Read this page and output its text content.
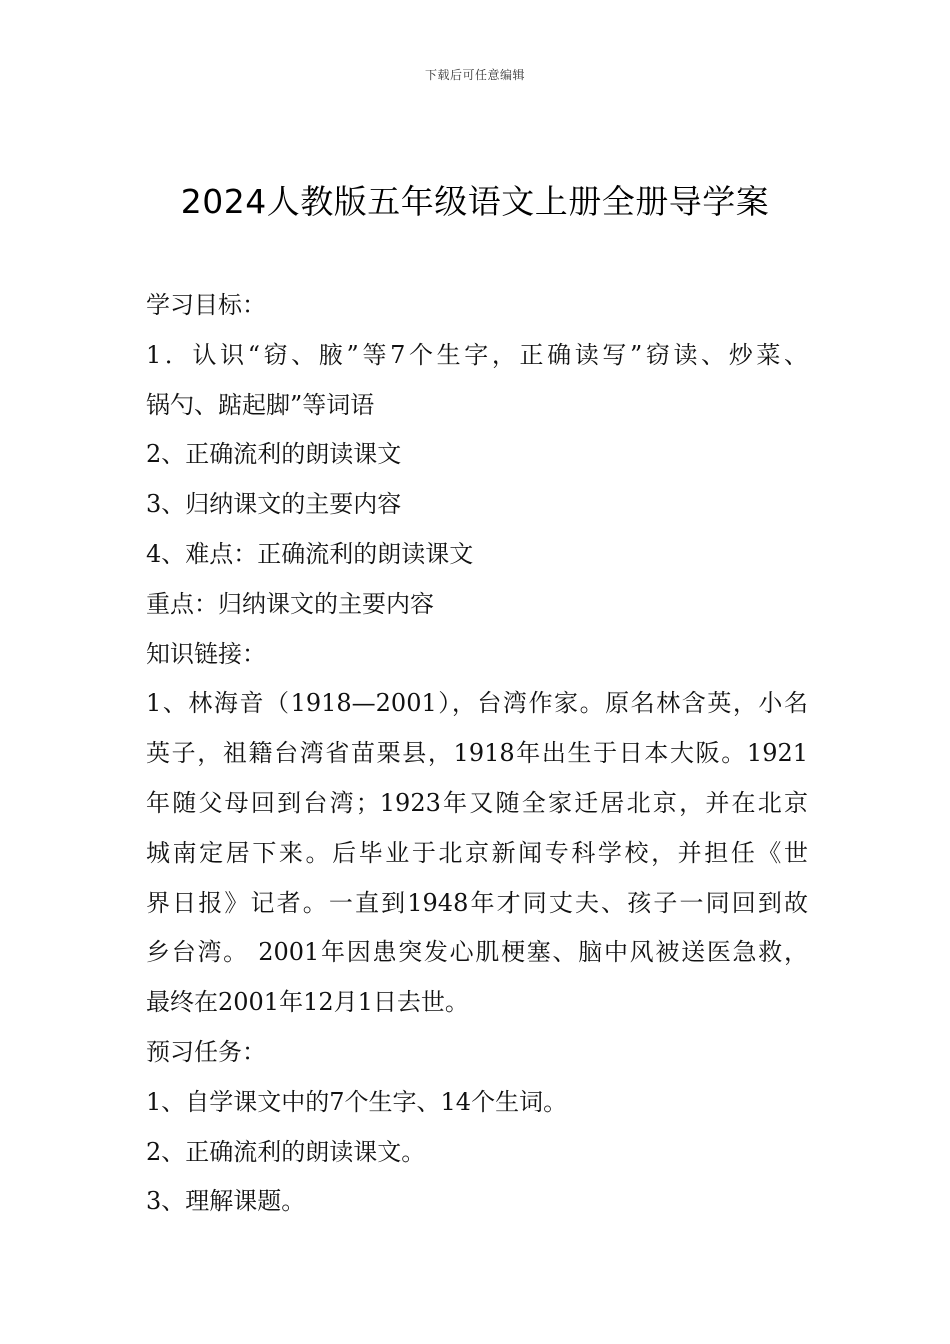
下载后可任意编辑
2024人教版五年级语文上册全册导学案
学习目标：
1．认识“窃、腋”等7个生字，正确读写”窃读、炒菜、
锅勺、踮起脚”等词语
2、正确流利的朗读课文
3、归纳课文的主要内容
4、难点：正确流利的朗读课文
重点：归纳课文的主要内容
知识链接：
1、林海音（1918—2001），台湾作家。原名林含英，小名
英子，祖籍台湾省苗栗县，1918年出生于日本大阪。1921
年随父母回到台湾；1923年又随全家迁居北京，并在北京
城南定居下来。后毕业于北京新闻专科学校，并担任《世
界日报》记者。一直到1948年才同丈夫、孩子一同回到故
乡台湾。 2001年因患突发心肌梗塞、脑中风被送医急救，
最终在2001年12月1日去世。
预习任务：
1、自学课文中的7个生字、14个生词。
2、正确流利的朗读课文。
3、理解课题。
